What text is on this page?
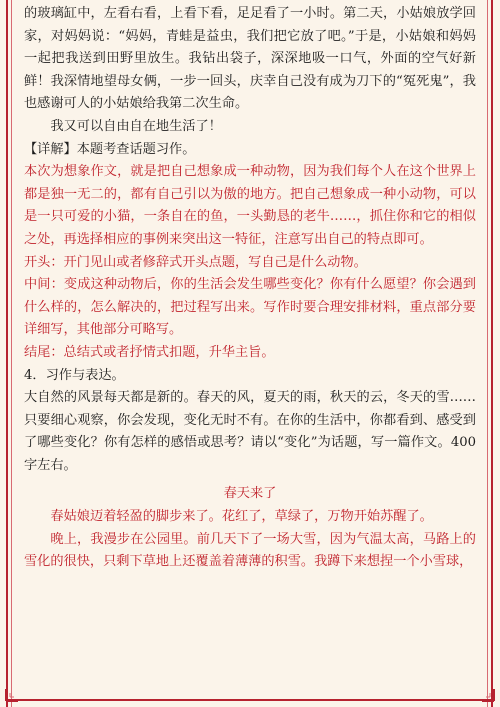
的玻璃缸中，左看右看，上看下看，足足看了一小时。第二天，小姑娘放学回家，对妈妈说：“妈妈，青蛙是益虫，我们把它放了吧。”于是，小姑娘和妈妈一起把我送到田野里放生。我钻出袋子，深深地吸一口气，外面的空气好新鲜！我深情地望母女俩，一步一回头，庆幸自己没有成为刀下的“冤死鬼”，我也感谢可人的小姑娘给我第二次生命。

我又可以自由自在地生活了！

【详解】本题考查话题习作。

本次为想象作文，就是把自己想象成一种动物，因为我们每个人在这个世界上都是独一无二的，都有自己引以为傲的地方。把自己想象成一种小动物，可以是一只可爱的小猫，一条自在的鱼，一头勤恳的老牛……，抓住你和它的相似之处，再选择相应的事例来突出这一特征，注意写出自己的特点即可。

开头：开门见山或者修辞式开头点题，写自己是什么动物。

中间：变成这种动物后，你的生活会发生哪些变化？你有什么愿望？你会遇到什么样的，怎么解决的，把过程写出来。写作时要合理安排材料，重点部分要详细写，其他部分可略写。

结尾：总结式或者抒情式扣题，升华主旨。

4．习作与表达。

大自然的风景每天都是新的。春天的风，夏天的雨，秋天的云，冬天的雪……只要细心观察，你会发现，变化无时不有。在你的生活中，你都看到、感受到了哪些变化？你有怎样的感悟或思考？请以“变化”为话题，写一篇作文。400字左右。

春天来了

春姑娘迈着轻盈的脚步来了。花红了，草绿了，万物开始苏醒了。

晚上，我漫步在公园里。前几天下了一场大雪，因为气温太高，马路上的雪化的很快，只剩下草地上还覆盖着薄薄的积雪。我蹲下来想捏一个小雪球，
